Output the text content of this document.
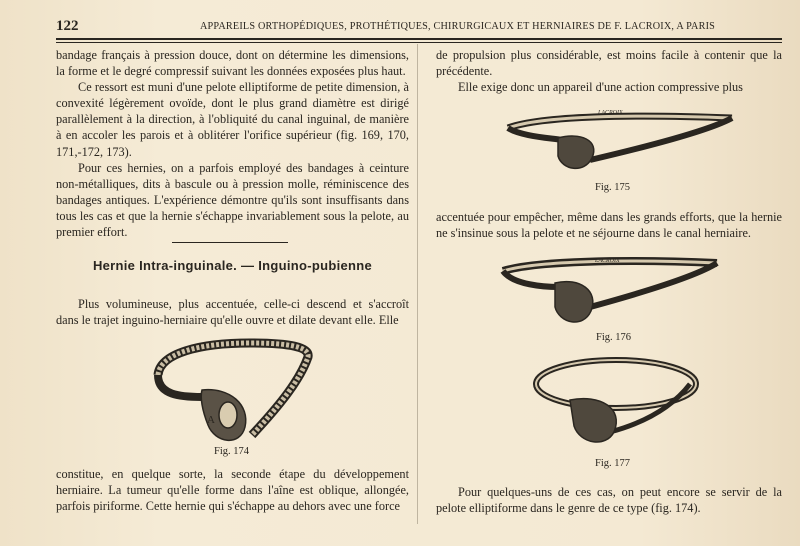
122	APPAREILS ORTHOPÉDIQUES, PROTHÉTIQUES, CHIRURGICAUX ET HERNIAIRES DE F. LACROIX, A PARIS

bandage français à pression douce, dont on détermine les dimensions, la forme et le degré compressif suivant les données exposées plus haut.

Ce ressort est muni d'une pelote elliptiforme de petite dimension, à convexité légèrement ovoïde, dont le plus grand diamètre est dirigé parallèlement à la direction, à l'obliquité du canal inguinal, de manière à en accoler les parois et à oblitérer l'orifice supérieur (fig. 169, 170, 171,-172, 173).

Pour ces hernies, on a parfois employé des bandages à ceinture non-métalliques, dits à bascule ou à pression molle, réminiscence des bandages antiques. L'expérience démontre qu'ils sont insuffisants dans tous les cas et que la hernie s'échappe invariablement sous la pelote, au premier effort.

Hernie Intra-inguinale. — Inguino-pubienne

Plus volumineuse, plus accentuée, celle-ci descend et s'accroît dans le trajet inguino-herniaire qu'elle ouvre et dilate devant elle. Elle

A
Fig. 174

constitue, en quelque sorte, la seconde étape du développement herniaire. La tumeur qu'elle forme dans l'aîne est oblique, allongée, parfois piriforme. Cette hernie qui s'échappe au dehors avec une force

de propulsion plus considérable, est moins facile à contenir que la précédente.

Elle exige donc un appareil d'une action compressive plus

LACROIX
Fig. 175

accentuée pour empêcher, même dans les grands efforts, que la hernie ne s'insinue sous la pelote et ne séjourne dans le canal herniaire.

LACROIX
Fig. 176
Fig. 177

Pour quelques-uns de ces cas, on peut encore se servir de la pelote elliptiforme dans le genre de ce type (fig. 174).
